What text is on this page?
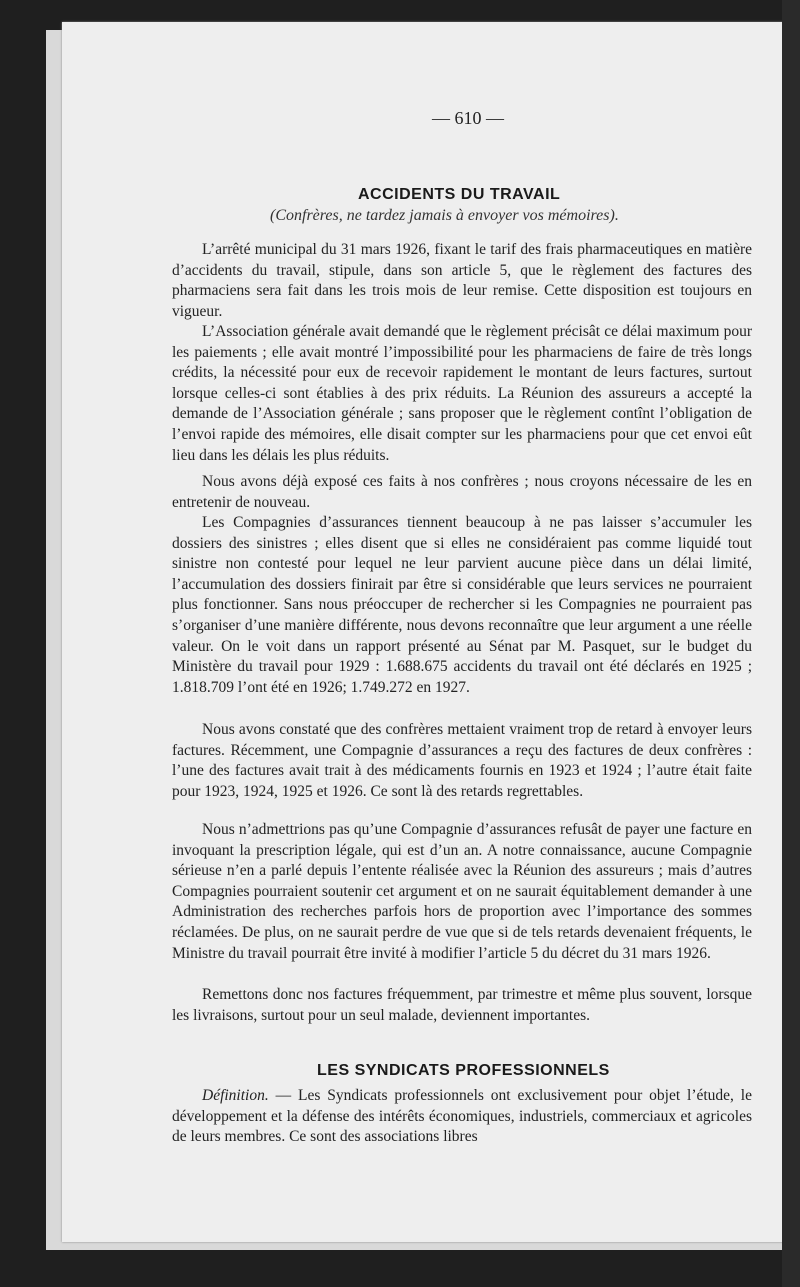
— 610 —
ACCIDENTS DU TRAVAIL
(Confrères, ne tardez jamais à envoyer vos mémoires).

L’arrêté municipal du 31 mars 1926, fixant le tarif des frais pharmaceutiques en matière d’accidents du travail, stipule, dans son article 5, que le règlement des factures des pharmaciens sera fait dans les trois mois de leur remise. Cette disposition est toujours en vigueur.

L’Association générale avait demandé que le règlement précisât ce délai maximum pour les paiements ; elle avait montré l’impossibilité pour les pharmaciens de faire de très longs crédits, la nécessité pour eux de recevoir rapidement le montant de leurs factures, surtout lorsque celles-ci sont établies à des prix réduits. La Réunion des assureurs a accepté la demande de l’Association générale ; sans proposer que le règlement contînt l’obligation de l’envoi rapide des mémoires, elle disait compter sur les pharmaciens pour que cet envoi eût lieu dans les délais les plus réduits.

Nous avons déjà exposé ces faits à nos confrères ; nous croyons nécessaire de les en entretenir de nouveau.

Les Compagnies d’assurances tiennent beaucoup à ne pas laisser s’accumuler les dossiers des sinistres ; elles disent que si elles ne considéraient pas comme liquidé tout sinistre non contesté pour lequel ne leur parvient aucune pièce dans un délai limité, l’accumulation des dossiers finirait par être si considérable que leurs services ne pourraient plus fonctionner. Sans nous préoccuper de rechercher si les Compagnies ne pourraient pas s’organiser d’une manière différente, nous devons reconnaître que leur argument a une réelle valeur. On le voit dans un rapport présenté au Sénat par M. Pasquet, sur le budget du Ministère du travail pour 1929 : 1.688.675 accidents du travail ont été déclarés en 1925 ; 1.818.709 l’ont été en 1926; 1.749.272 en 1927.

Nous avons constaté que des confrères mettaient vraiment trop de retard à envoyer leurs factures. Récemment, une Compagnie d’assurances a reçu des factures de deux confrères : l’une des factures avait trait à des médicaments fournis en 1923 et 1924 ; l’autre était faite pour 1923, 1924, 1925 et 1926. Ce sont là des retards regrettables.

Nous n’admettrions pas qu’une Compagnie d’assurances refusât de payer une facture en invoquant la prescription légale, qui est d’un an. A notre connaissance, aucune Compagnie sérieuse n’en a parlé depuis l’entente réalisée avec la Réunion des assureurs ; mais d’autres Compagnies pourraient soutenir cet argument et on ne saurait équitablement demander à une Administration des recherches parfois hors de proportion avec l’importance des sommes réclamées. De plus, on ne saurait perdre de vue que si de tels retards devenaient fréquents, le Ministre du travail pourrait être invité à modifier l’article 5 du décret du 31 mars 1926.

Remettons donc nos factures fréquemment, par trimestre et même plus souvent, lorsque les livraisons, surtout pour un seul malade, deviennent importantes.

LES SYNDICATS PROFESSIONNELS

Définition. — Les Syndicats professionnels ont exclusivement pour objet l’étude, le développement et la défense des intérêts économiques, industriels, commerciaux et agricoles de leurs membres. Ce sont des associations libres
